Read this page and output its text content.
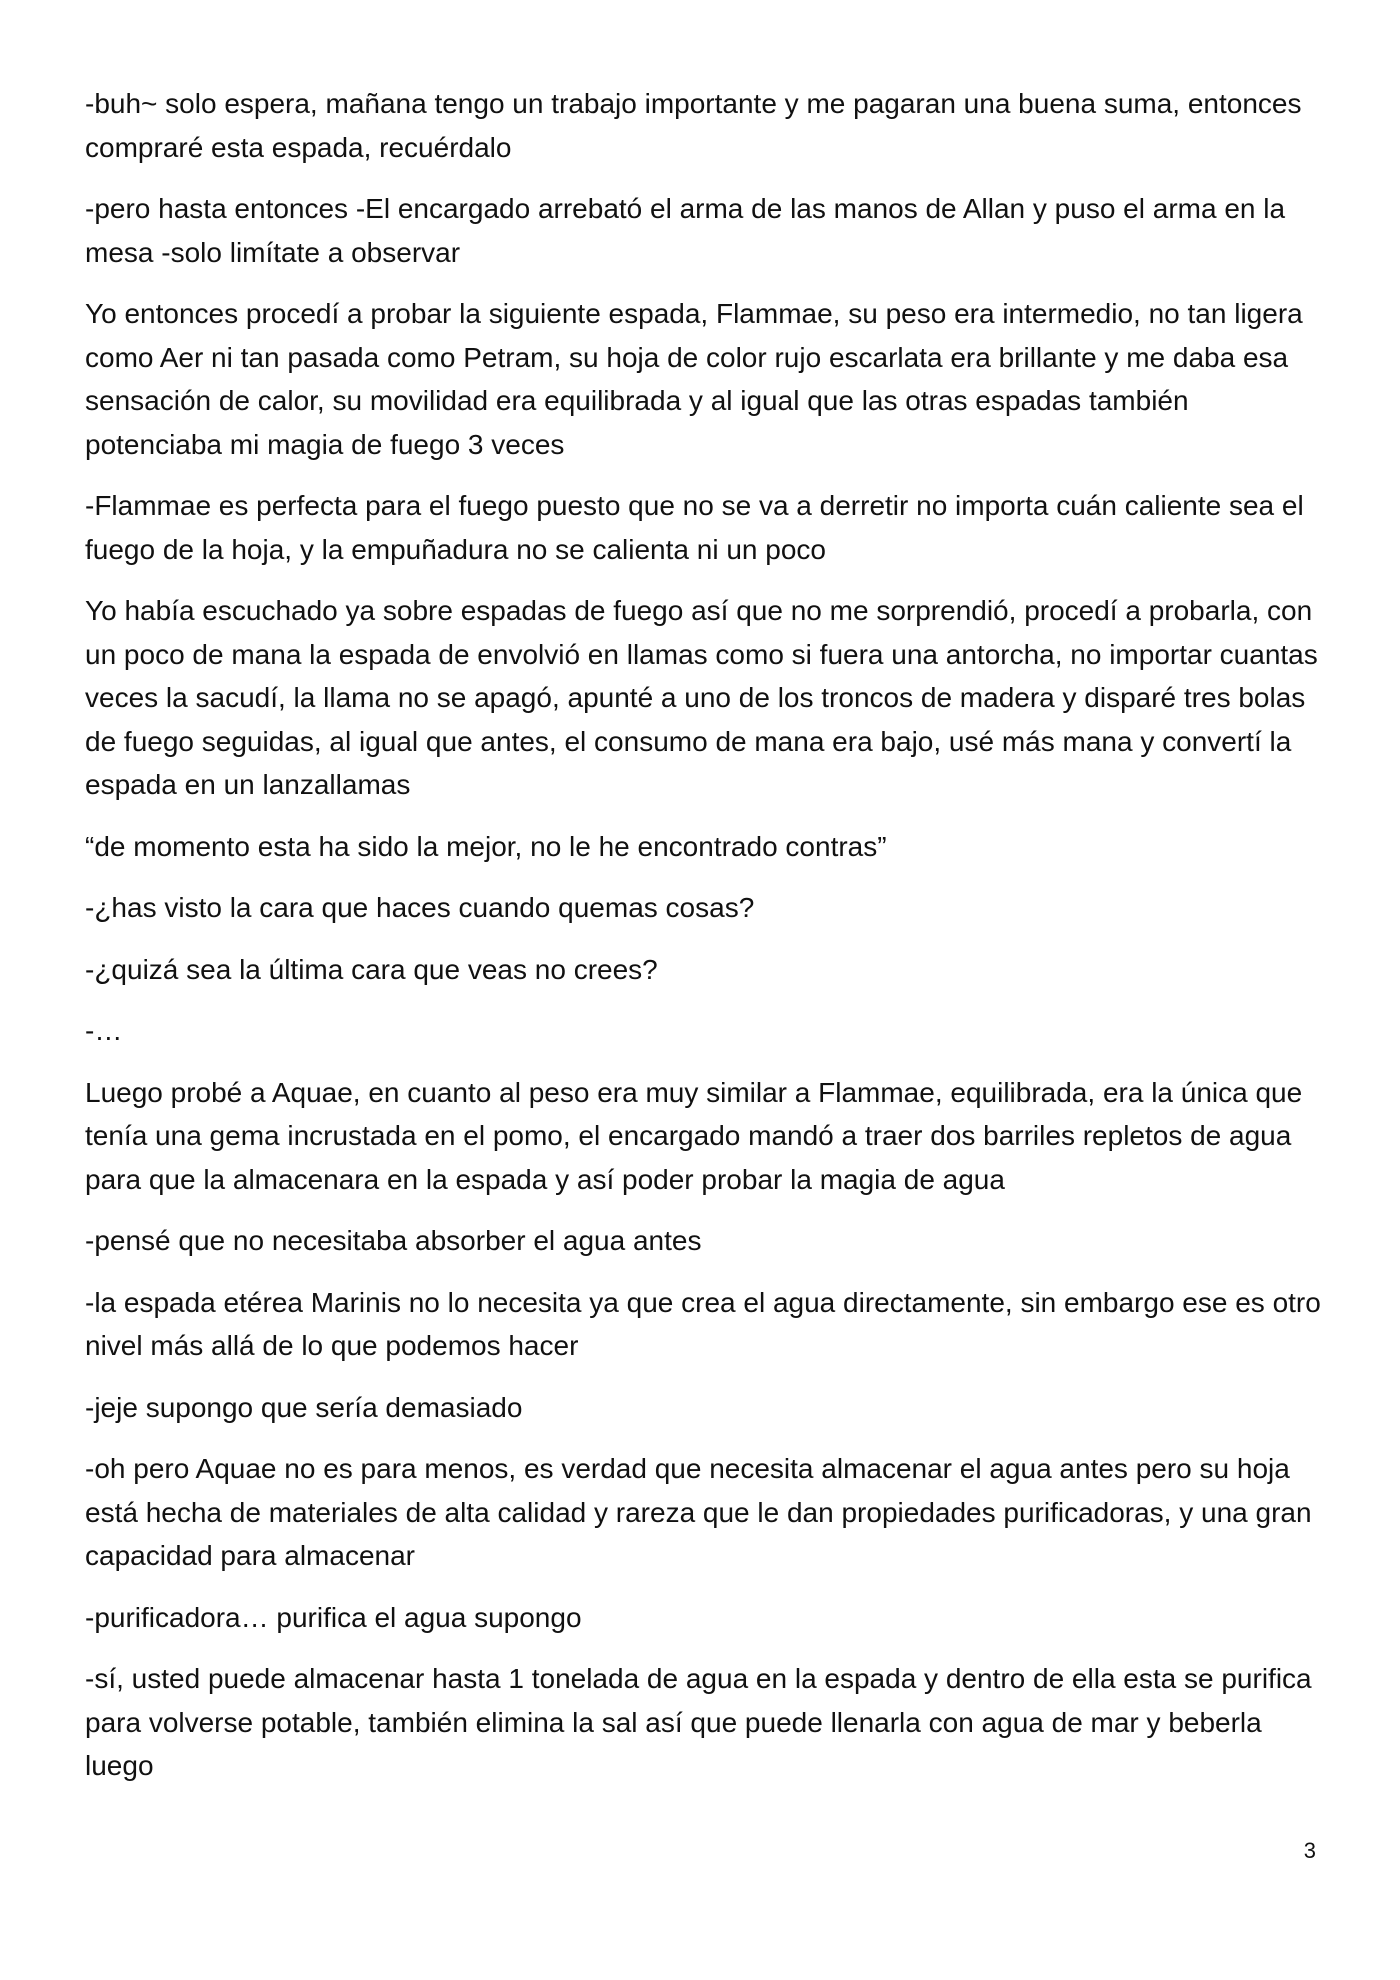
-buh~ solo espera, mañana tengo un trabajo importante y me pagaran una buena suma, entonces compraré esta espada, recuérdalo

-pero hasta entonces -El encargado arrebató el arma de las manos de Allan y puso el arma en la mesa -solo limítate a observar

Yo entonces procedí a probar la siguiente espada, Flammae, su peso era intermedio, no tan ligera como Aer ni tan pasada como Petram, su hoja de color rujo escarlata era brillante y me daba esa sensación de calor, su movilidad era equilibrada y al igual que las otras espadas también potenciaba mi magia de fuego 3 veces

-Flammae es perfecta para el fuego puesto que no se va a derretir no importa cuán caliente sea el fuego de la hoja, y la empuñadura no se calienta ni un poco

Yo había escuchado ya sobre espadas de fuego así que no me sorprendió, procedí a probarla, con un poco de mana la espada de envolvió en llamas como si fuera una antorcha, no importar cuantas veces la sacudí, la llama no se apagó, apunté a uno de los troncos de madera y disparé tres bolas de fuego seguidas, al igual que antes, el consumo de mana era bajo, usé más mana y convertí la espada en un lanzallamas

“de momento esta ha sido la mejor, no le he encontrado contras”

-¿has visto la cara que haces cuando quemas cosas?

-¿quizá sea la última cara que veas no crees?

-…

Luego probé a Aquae, en cuanto al peso era muy similar a Flammae, equilibrada, era la única que tenía una gema incrustada en el pomo, el encargado mandó a traer dos barriles repletos de agua para que la almacenara en la espada y así poder probar la magia de agua

-pensé que no necesitaba absorber el agua antes

-la espada etérea Marinis no lo necesita ya que crea el agua directamente, sin embargo ese es otro nivel más allá de lo que podemos hacer

-jeje supongo que sería demasiado

-oh pero Aquae no es para menos, es verdad que necesita almacenar el agua antes pero su hoja está hecha de materiales de alta calidad y rareza que le dan propiedades purificadoras, y una gran capacidad para almacenar

-purificadora… purifica el agua supongo

-sí, usted puede almacenar hasta 1 tonelada de agua en la espada y dentro de ella esta se purifica para volverse potable, también elimina la sal así que puede llenarla con agua de mar y beberla luego

3
